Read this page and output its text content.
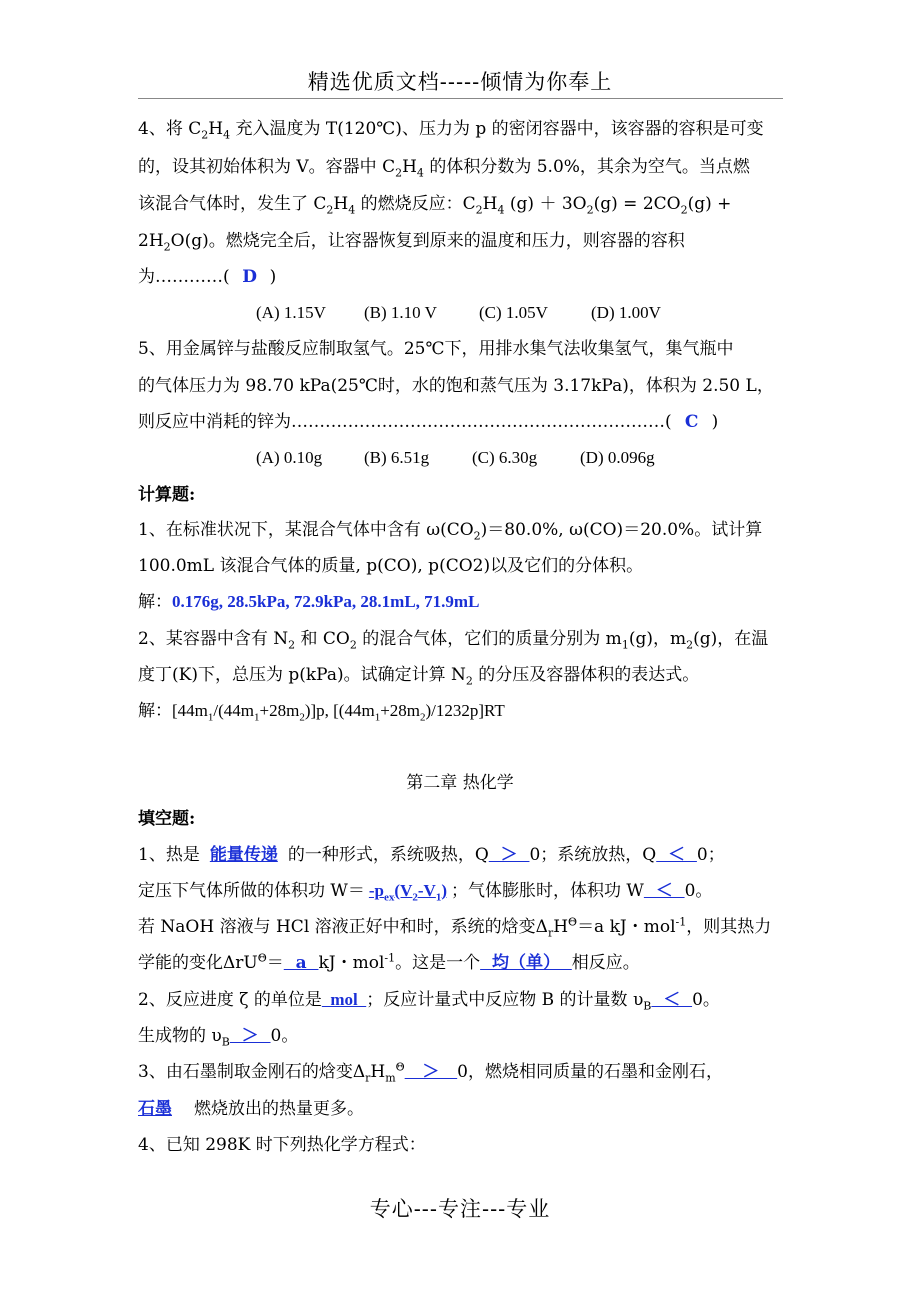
精选优质文档-----倾情为你奉上
4、将 $C_2H_4$ 充入温度为 T(120℃)、压力为 p 的密闭容器中，该容器的容积是可变
的，设其初始体积为 V。容器中 $C_2H_4$ 的体积分数为 5.0%，其余为空气。当点燃
该混合气体时，发生了 $C_2H_4$ 的燃烧反应：$C_2H_4$ $(g) + 3O_2(g) = 2CO_2(g)$ +
$2H_2O(g)$。燃烧完全后，让容器恢复到原来的温度和压力，则容器的容积
为…………( D )
(A) 1.15V (B) 1.10 V (C) 1.05V	(D) 1.00V
5、用金属锌与盐酸反应制取氢气。25℃下，用排水集气法收集氢气，集气瓶中
的气体压力为 98.70 kPa(25℃时，水的饱和蒸气压为 3.17kPa)，体积为 2.50 L，
则反应中消耗的锌为…………………………………………………………( C )
(A) 0.10g (B) 6.51g	(C) 6.30g	(D) 0.096g
计算题:
1、在标准状况下，某混合气体中含有 $\omega(CO_2)=80.0\%$, ω(CO)＝20.0%。试计算
100.0mL 该混合气体的质量, p(CO), p(CO2)以及它们的分体积。
解：0.176g, 28.5kPa, 72.9kPa, 28.1mL, 71.9mL
2、某容器中含有 $N_2$ 和 $CO_2$ 的混合气体，它们的质量分别为 $m_1(g)$，$m_2(g)$，在温
度丁(K)下，总压为 p(kPa)。试确定计算 $N_2$ 的分压及容器体积的表达式。
解：$[44m_1/(44m_1+28m_2)]p$, $[(44m_1+28m_2)/1232p]RT$
第二章 热化学
填空题:
1、热是 能量传递 的一种形式，系统吸热，Q  ＞  0；系统放热，Q  ＜  0；
定压下气体所做的体积功 $W= -p_{ex}(V_2-V_1)$ ；气体膨胀时，体积功 W  ＜  0。
若 NaOH 溶液与 HCl 溶液正好中和时，系统的焓变$\Delta_rH^\Theta=a$ kJ・mol$^{-1}$，则其热力
学能的变化ΔrU$^\Theta$＝  a  kJ・mol$^{-1}$。这是一个  均（单）  相反应。
2、反应进度 ζ 的单位是  mol  ；反应计量式中反应物 B 的计量数 $\upsilon_B < 0$。
生成物的 $\upsilon_B > 0$。
3、由石墨制取金刚石的焓变$\Delta_rH_m^\Theta > 0$，燃烧相同质量的石墨和金刚石，
石墨 燃烧放出的热量更多。
4、已知 298K 时下列热化学方程式：
专心---专注---专业
